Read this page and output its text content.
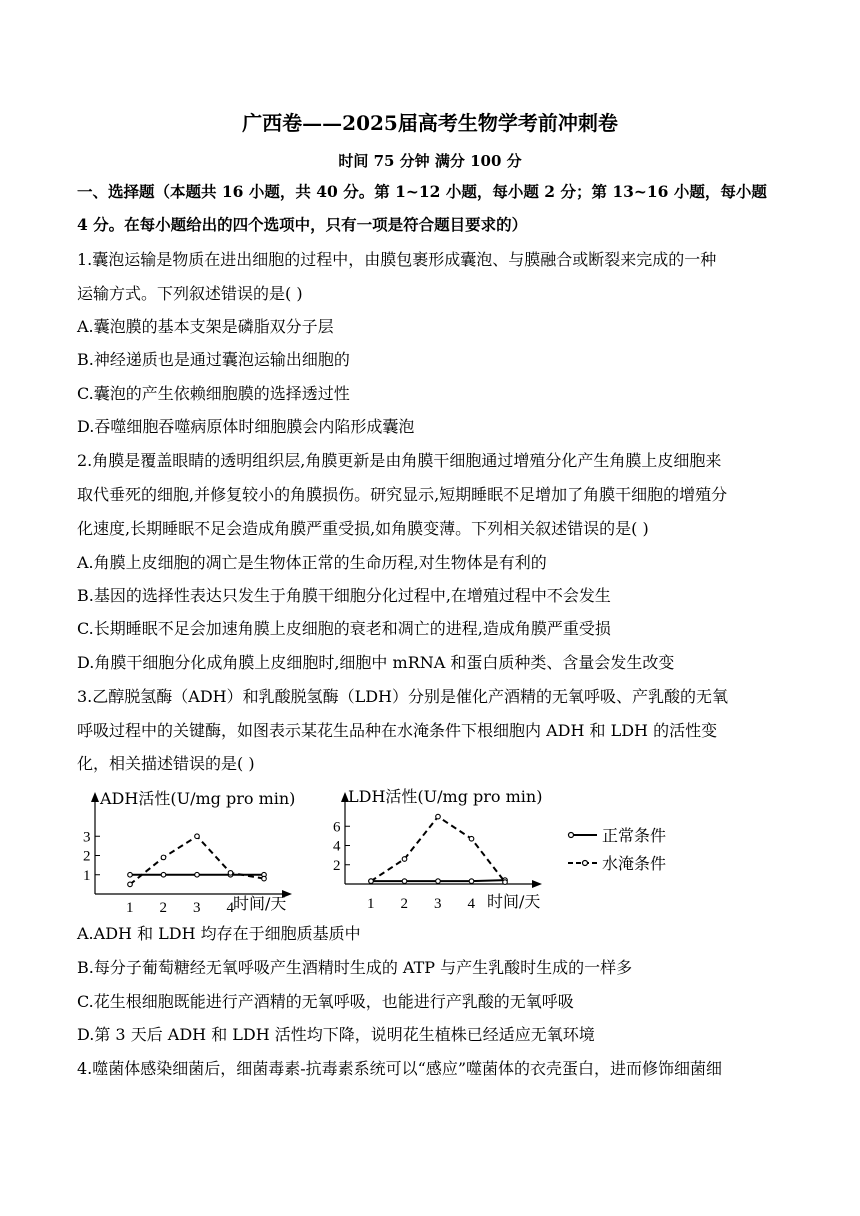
广西卷——2025届高考生物学考前冲刺卷
时间 75 分钟 满分 100 分
一、选择题（本题共 16 小题，共 40 分。第 1~12 小题，每小题 2 分；第 13~16 小题，每小题
4 分。在每小题给出的四个选项中，只有一项是符合题目要求的）
1.囊泡运输是物质在进出细胞的过程中，由膜包裹形成囊泡、与膜融合或断裂来完成的一种
运输方式。下列叙述错误的是( )
A.囊泡膜的基本支架是磷脂双分子层
B.神经递质也是通过囊泡运输出细胞的
C.囊泡的产生依赖细胞膜的选择透过性
D.吞噬细胞吞噬病原体时细胞膜会内陷形成囊泡
2.角膜是覆盖眼睛的透明组织层,角膜更新是由角膜干细胞通过增殖分化产生角膜上皮细胞来
取代垂死的细胞,并修复较小的角膜损伤。研究显示,短期睡眠不足增加了角膜干细胞的增殖分
化速度,长期睡眠不足会造成角膜严重受损,如角膜变薄。下列相关叙述错误的是( )
A.角膜上皮细胞的凋亡是生物体正常的生命历程,对生物体是有利的
B.基因的选择性表达只发生于角膜干细胞分化过程中,在增殖过程中不会发生
C.长期睡眠不足会加速角膜上皮细胞的衰老和凋亡的进程,造成角膜严重受损
D.角膜干细胞分化成角膜上皮细胞时,细胞中 mRNA 和蛋白质种类、含量会发生改变
3.乙醇脱氢酶（ADH）和乳酸脱氢酶（LDH）分别是催化产酒精的无氧呼吸、产乳酸的无氧
呼吸过程中的关键酶，如图表示某花生品种在水淹条件下根细胞内 ADH 和 LDH 的活性变
化，相关描述错误的是( )
ADH活性(U/mg pro min)
时间/天
1 2 3 4
1
2
3
LDH活性(U/mg pro min)
时间/天
1 2 3 4
2
4
6	正常条件
水淹条件
A.ADH 和 LDH 均存在于细胞质基质中
B.每分子葡萄糖经无氧呼吸产生酒精时生成的 ATP 与产生乳酸时生成的一样多
C.花生根细胞既能进行产酒精的无氧呼吸，也能进行产乳酸的无氧呼吸
D.第 3 天后 ADH 和 LDH 活性均下降，说明花生植株已经适应无氧环境
4.噬菌体感染细菌后，细菌毒素-抗毒素系统可以“感应”噬菌体的衣壳蛋白，进而修饰细菌细
